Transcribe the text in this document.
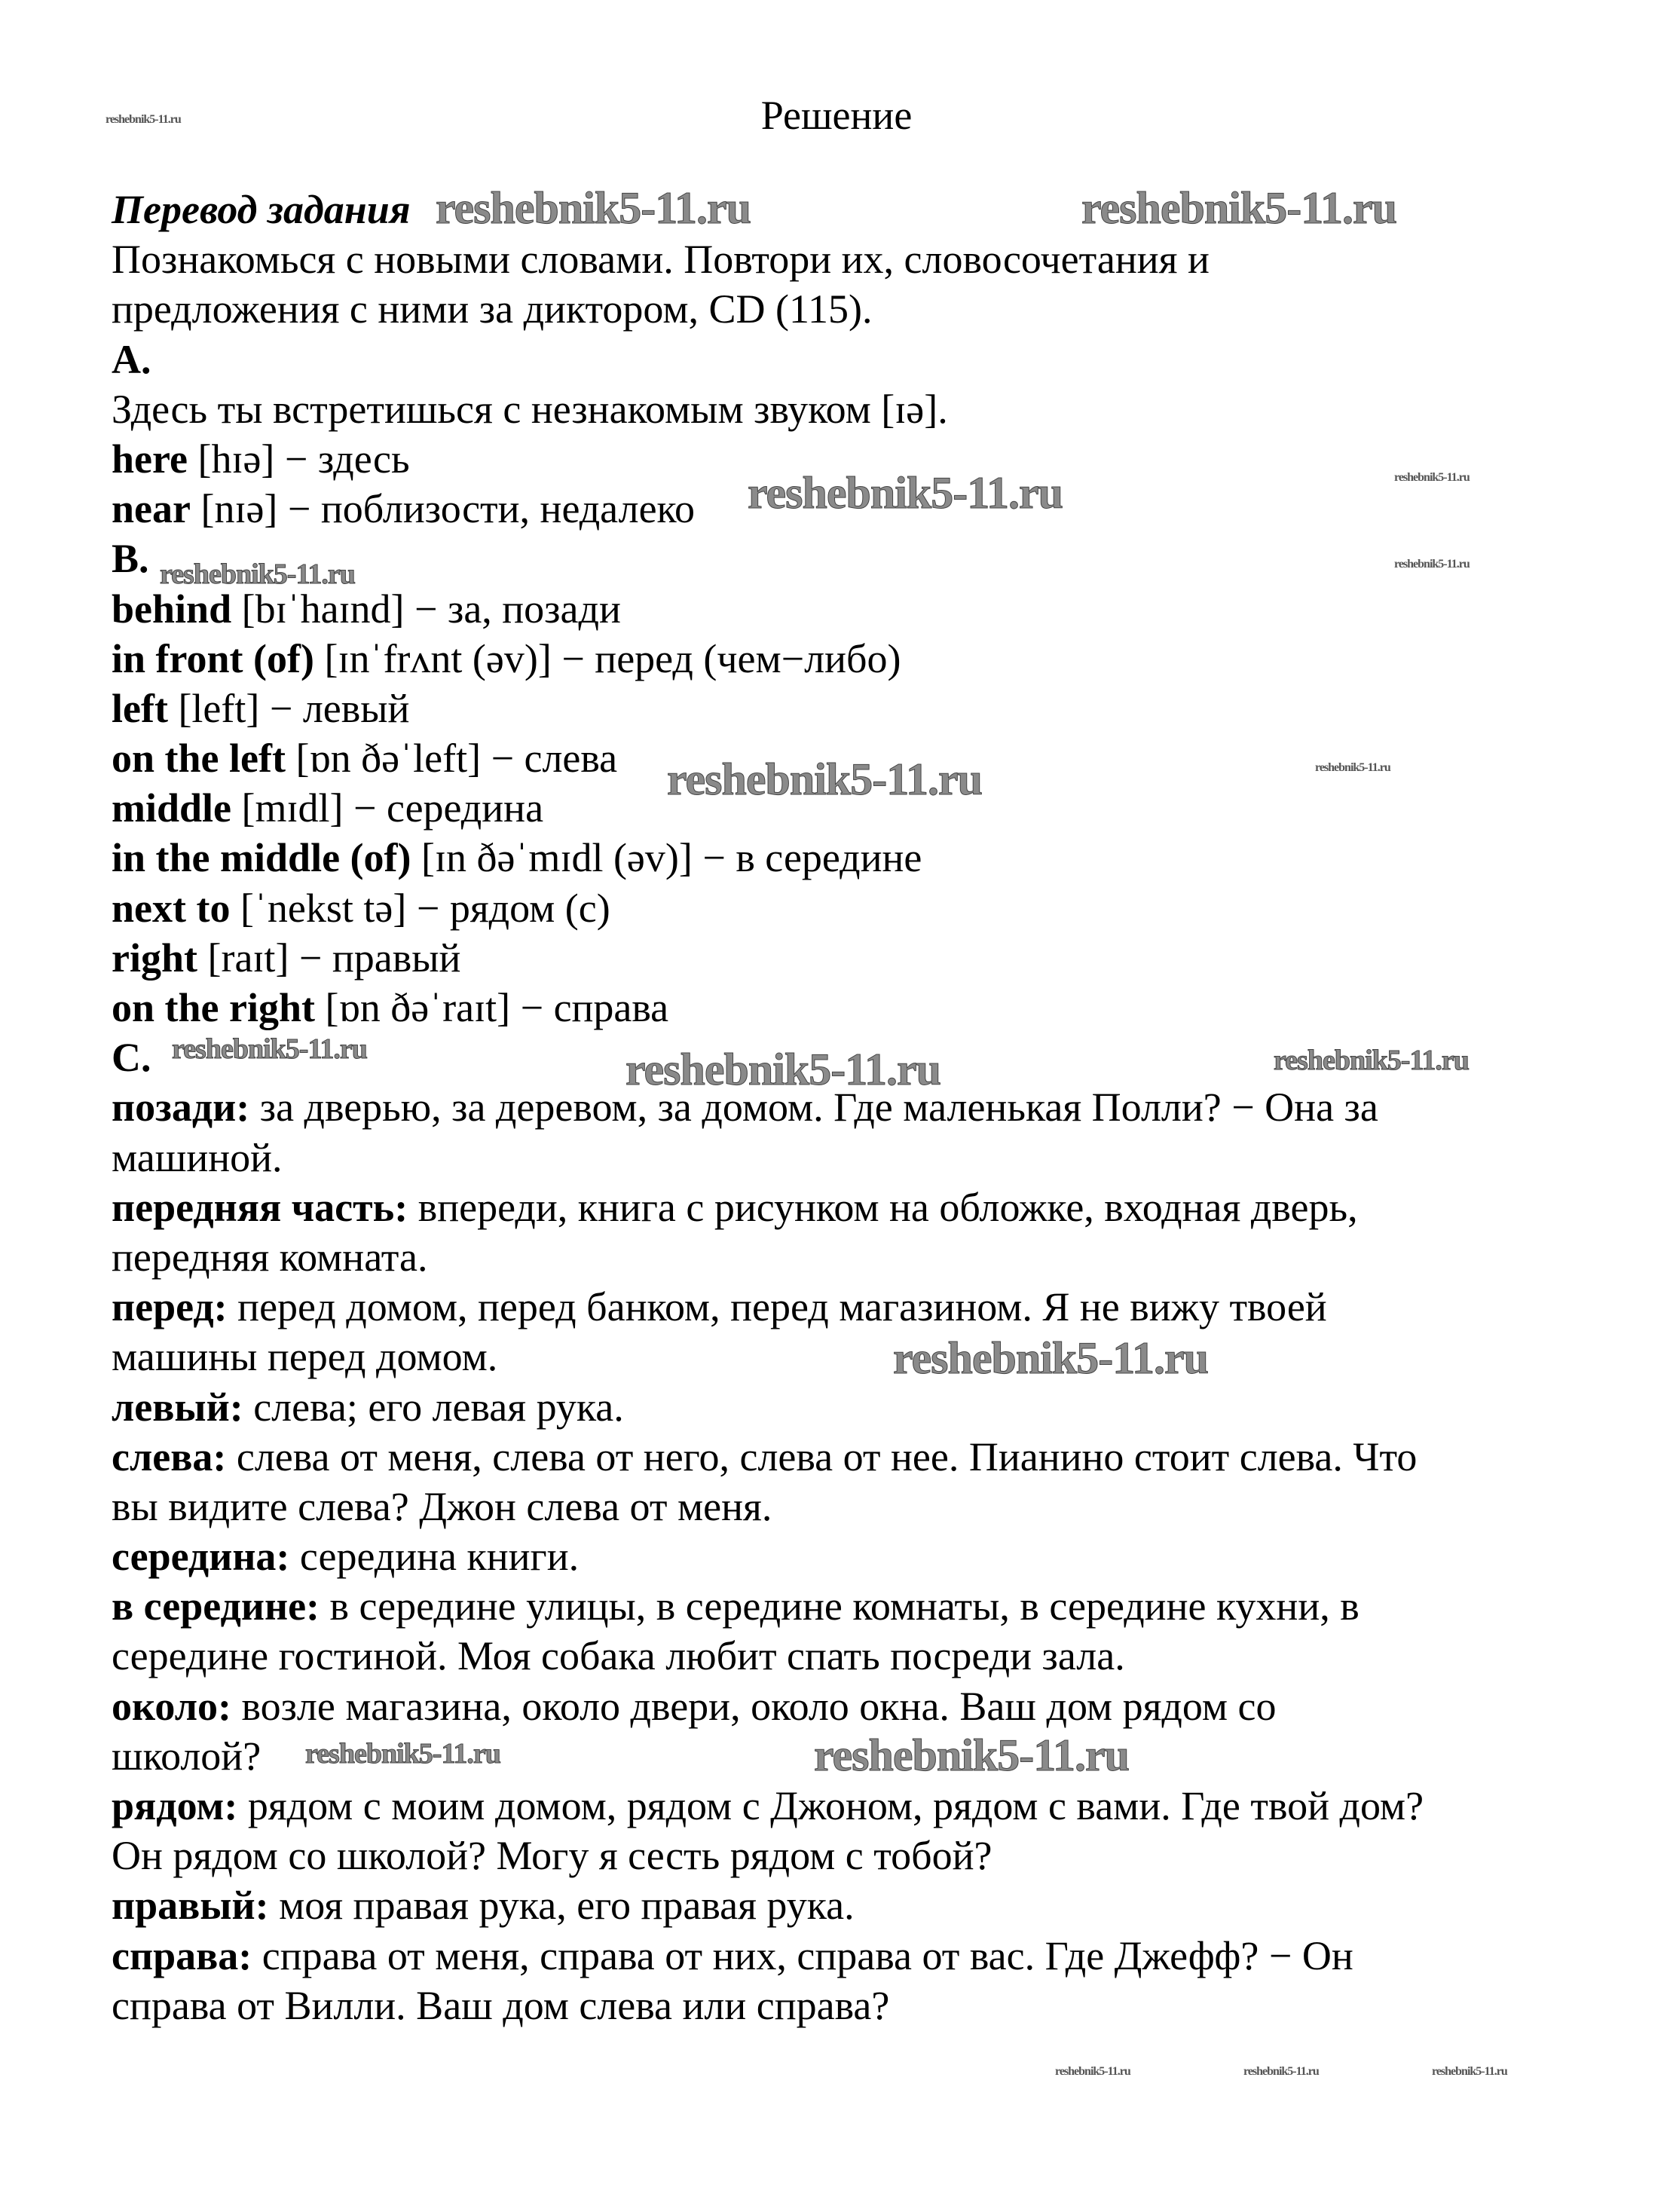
Решение
Перевод задания
Познакомься с новыми словами. Повтори их, словосочетания и
предложения с ними за диктором, CD (115).
A.
Здесь ты встретишься с незнакомым звуком [ɪə].
here [hɪə] − здесь
near [nɪə] − поблизости, недалеко
B.
behind [bɪˈhaɪnd] − за, позади
in front (of) [ɪnˈfrʌnt (əv)] − перед (чем−либо)
left [left] − левый
on the left [ɒn ðəˈleft] − слева
middle [mɪdl] − середина
in the middle (of) [ɪn ðəˈmɪdl (əv)] − в середине
next to [ˈnekst tə] − рядом (с)
right [raɪt] − правый
on the right [ɒn ðəˈraɪt] − справа
C.
позади: за дверью, за деревом, за домом. Где маленькая Полли? − Она за
машиной.
передняя часть: впереди, книга с рисунком на обложке, входная дверь,
передняя комната.
перед: перед домом, перед банком, перед магазином. Я не вижу твоей
машины перед домом.
левый: слева; его левая рука.
слева: слева от меня, слева от него, слева от нее. Пианино стоит слева. Что
вы видите слева? Джон слева от меня.
середина: середина книги.
в середине: в середине улицы, в середине комнаты, в середине кухни, в
середине гостиной. Моя собака любит спать посреди зала.
около: возле магазина, около двери, около окна. Ваш дом рядом со
школой?
рядом: рядом с моим домом, рядом с Джоном, рядом с вами. Где твой дом?
Он рядом со школой? Могу я сесть рядом с тобой?
правый: моя правая рука, его правая рука.
справа: справа от меня, справа от них, справа от вас. Где Джефф? − Он
справа от Вилли. Ваш дом слева или справа?
reshebnik5-11.ru	reshebnik5-11.ru
reshebnik5-11.ru
reshebnik5-11.ru
reshebnik5-11.ru
reshebnik5-11.ru
reshebnik5-11.ru
reshebnik5-11.ru
reshebnik5-11.ru	reshebnik5-11.ru
reshebnik5-11.ru
reshebnik5-11.ru
reshebnik5-11.ru
reshebnik5-11.ru
reshebnik5-11.ru
reshebnik5-11.ru	reshebnik5-11.ru	reshebnik5-11.ru
